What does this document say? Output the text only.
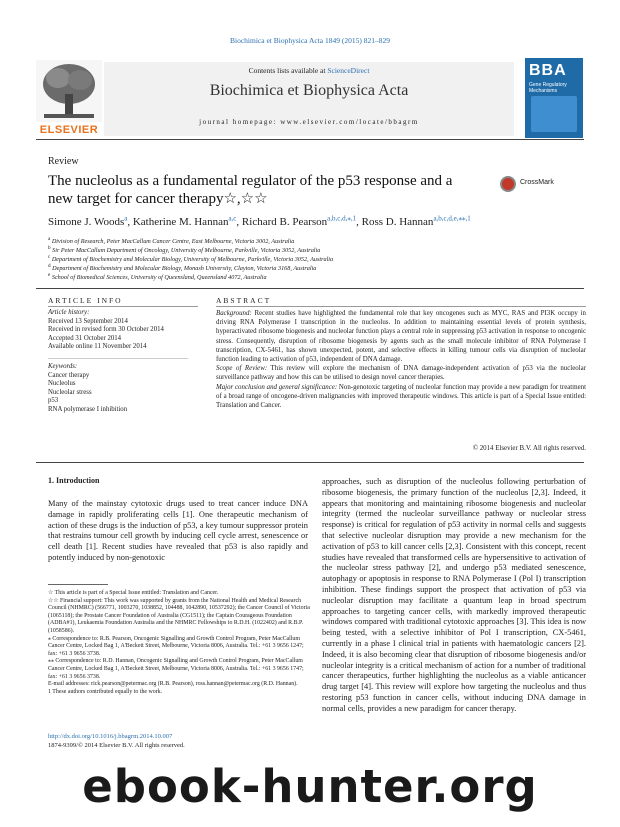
Biochimica et Biophysica Acta 1849 (2015) 821–829
ELSEVIER
Contents lists available at ScienceDirect
Biochimica et Biophysica Acta
journal homepage: www.elsevier.com/locate/bbagrm
BBA
Gene Regulatory Mechanisms
Review
The nucleolus as a fundamental regulator of the p53 response and a new target for cancer therapy☆,☆☆
CrossMark
Simone J. Woods$^a$, Katherine M. Hannan$^{a,c}$, Richard B. Pearson$^{a,b,c,d,⁎,1}$, Ross D. Hannan$^{a,b,c,d,e,⁎⁎,1}$
$^a$ Division of Research, Peter MacCallum Cancer Centre, East Melbourne, Victoria 3002, Australia
$^b$ Sir Peter MacCallum Department of Oncology, University of Melbourne, Parkville, Victoria 3052, Australia
$^c$ Department of Biochemistry and Molecular Biology, University of Melbourne, Parkville, Victoria 3052, Australia
$^d$ Department of Biochemistry and Molecular Biology, Monash University, Clayton, Victoria 3168, Australia
$^e$ School of Biomedical Sciences, University of Queensland, Queensland 4072, Australia
ARTICLE INFO	ABSTRACT
Article history:
Received 13 September 2014
Received in revised form 30 October 2014
Accepted 31 October 2014
Available online 11 November 2014
Keywords:
Cancer therapy
Nucleolus
Nucleolar stress
p53
RNA polymerase I inhibition
Background: Recent studies have highlighted the fundamental role that key oncogenes such as MYC, RAS and PI3K occupy in driving RNA Polymerase I transcription in the nucleolus. In addition to maintaining essential levels of protein synthesis, hyperactivated ribosome biogenesis and nucleolar function plays a central role in suppressing p53 activation in response to oncogenic stress. Consequently, disruption of ribosome biogenesis by agents such as the small molecule inhibitor of RNA Polymerase I transcription, CX-5461, has shown unexpected, potent, and selective effects in killing tumour cells via disruption of nucleolar function leading to activation of p53, independent of DNA damage.
Scope of Review: This review will explore the mechanism of DNA damage-independent activation of p53 via the nucleolar surveillance pathway and how this can be utilised to design novel cancer therapies.
Major conclusion and general significance: Non-genotoxic targeting of nucleolar function may provide a new paradigm for treatment of a broad range of oncogene-driven malignancies with improved therapeutic windows. This article is part of a Special Issue entitled: Translation and Cancer.
© 2014 Elsevier B.V. All rights reserved.
1. Introduction
Many of the mainstay cytotoxic drugs used to treat cancer induce DNA damage in rapidly proliferating cells [1]. One therapeutic mechanism of action of these drugs is the induction of p53, a key tumour suppressor protein that restrains tumour cell growth by inducing cell cycle arrest, senescence or cell death [1]. Recent studies have revealed that p53 is also rapidly and potently induced by non-genotoxic
approaches, such as disruption of the nucleolus following perturbation of ribosome biogenesis, the primary function of the nucleolus [2,3]. Indeed, it appears that monitoring and maintaining ribosome biogenesis and nucleolar integrity (termed the nucleolar surveillance pathway or nucleolar stress response) is critical for regulation of p53 activity in normal cells and suggests that selective nucleolar disruption may provide a new mechanism for the activation of p53 to kill cancer cells [2,3]. Consistent with this concept, recent studies have revealed that transformed cells are hypersensitive to activation of the nucleolar stress pathway [2], and undergo p53 mediated senescence, autophagy or apoptosis in response to RNA Polymerase I (Pol I) transcription inhibition. These findings support the prospect that activation of p53 via nucleolar disruption may facilitate a quantum leap in broad spectrum approaches to targeting cancer cells, with markedly improved therapeutic windows compared with traditional cytotoxic approaches [3]. This idea is now being tested, with a selective inhibitor of Pol I transcription, CX-5461, currently in a phase I clinical trial in patients with haematologic cancers [2]. Indeed, it is also becoming clear that disruption of ribosome biogenesis and/or nucleolar integrity is a critical mechanism of action for a number of traditional cancer therapeutics, further highlighting the nucleolus as a viable anticancer drug target [4]. This review will explore how targeting the nucleolus and thus restoring p53 function in cancer cells, without inducing DNA damage in normal cells, provides a new paradigm for cancer therapy.
☆ This article is part of a Special Issue entitled: Translation and Cancer.
☆☆ Financial support: This work was supported by grants from the National Health and Medical Research Council (NHMRC) (566771, 1003270, 1038852, 104488, 1042890, 10537292); the Cancer Council of Victoria (1065118); the Prostate Cancer Foundation of Australia (CG1511); the Captain Courageous Foundation (ADBA#1), Leukaemia Foundation Australia and the NHMRC Fellowships to R.D.H. (1022402) and R.B.P. (1058586).
⁎ Correspondence to: R.B. Pearson, Oncogenic Signalling and Growth Control Program, Peter MacCallum Cancer Centre, Locked Bag 1, A'Beckett Street, Melbourne, Victoria 8006, Australia. Tel.: +61 3 9656 1247; fax: +61 3 9656 3738.
⁎⁎ Correspondence to: R.D. Hannan, Oncogenic Signalling and Growth Control Program, Peter MacCallum Cancer Centre, Locked Bag 1, A'Beckett Street, Melbourne, Victoria 8006, Australia. Tel.: +61 3 9656 1747; fax: +61 3 9656 3738.
E-mail addresses: rick.pearson@petermac.org (R.B. Pearson), ross.hannan@petermac.org (R.D. Hannan).
1 These authors contributed equally to the work.
http://dx.doi.org/10.1016/j.bbagrm.2014.10.007
1874-9399/© 2014 Elsevier B.V. All rights reserved.
ebook-hunter.org
